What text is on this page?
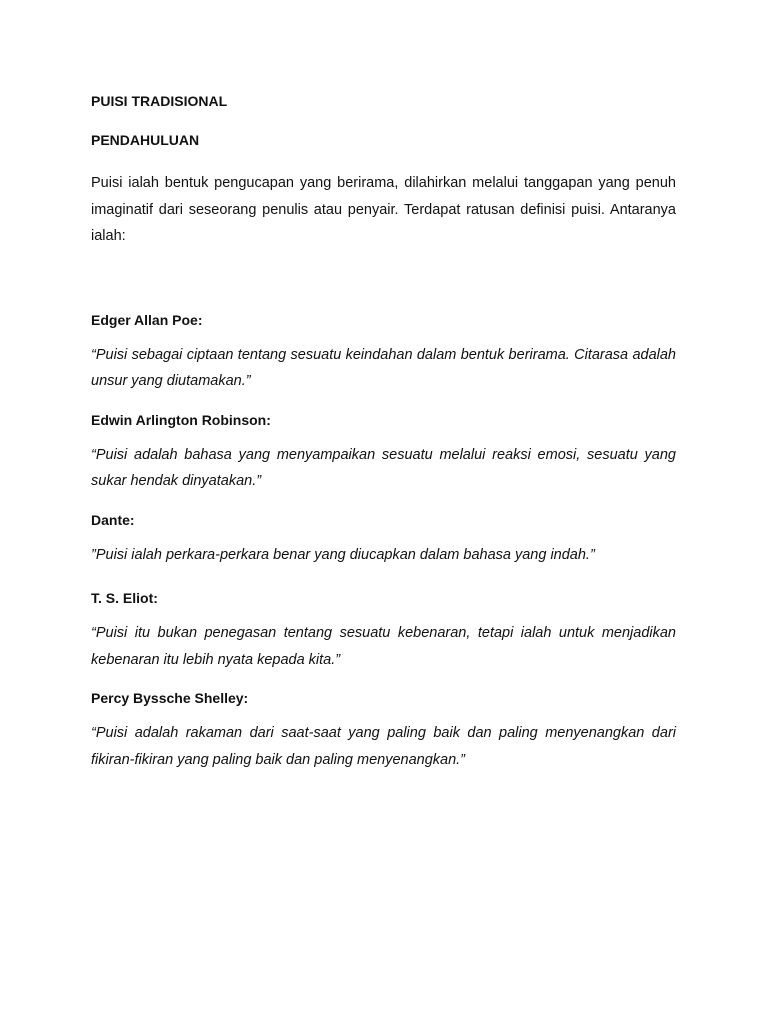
PUISI TRADISIONAL

PENDAHULUAN

Puisi ialah bentuk pengucapan yang berirama, dilahirkan melalui tanggapan yang penuh imaginatif dari seseorang penulis atau penyair. Terdapat ratusan definisi puisi. Antaranya ialah:

Edger Allan Poe:

“Puisi sebagai ciptaan tentang sesuatu keindahan dalam bentuk berirama. Citarasa adalah unsur yang diutamakan.”

Edwin Arlington Robinson:

“Puisi adalah bahasa yang menyampaikan sesuatu melalui reaksi emosi, sesuatu yang sukar hendak dinyatakan.”

Dante:

”Puisi ialah perkara-perkara benar yang diucapkan dalam bahasa yang indah.”

T. S. Eliot:

“Puisi itu bukan penegasan tentang sesuatu kebenaran, tetapi ialah untuk menjadikan kebenaran itu lebih nyata kepada kita.”

Percy Byssche Shelley:

“Puisi adalah rakaman dari saat-saat yang paling baik dan paling menyenangkan dari fikiran-fikiran yang paling baik dan paling menyenangkan.”
